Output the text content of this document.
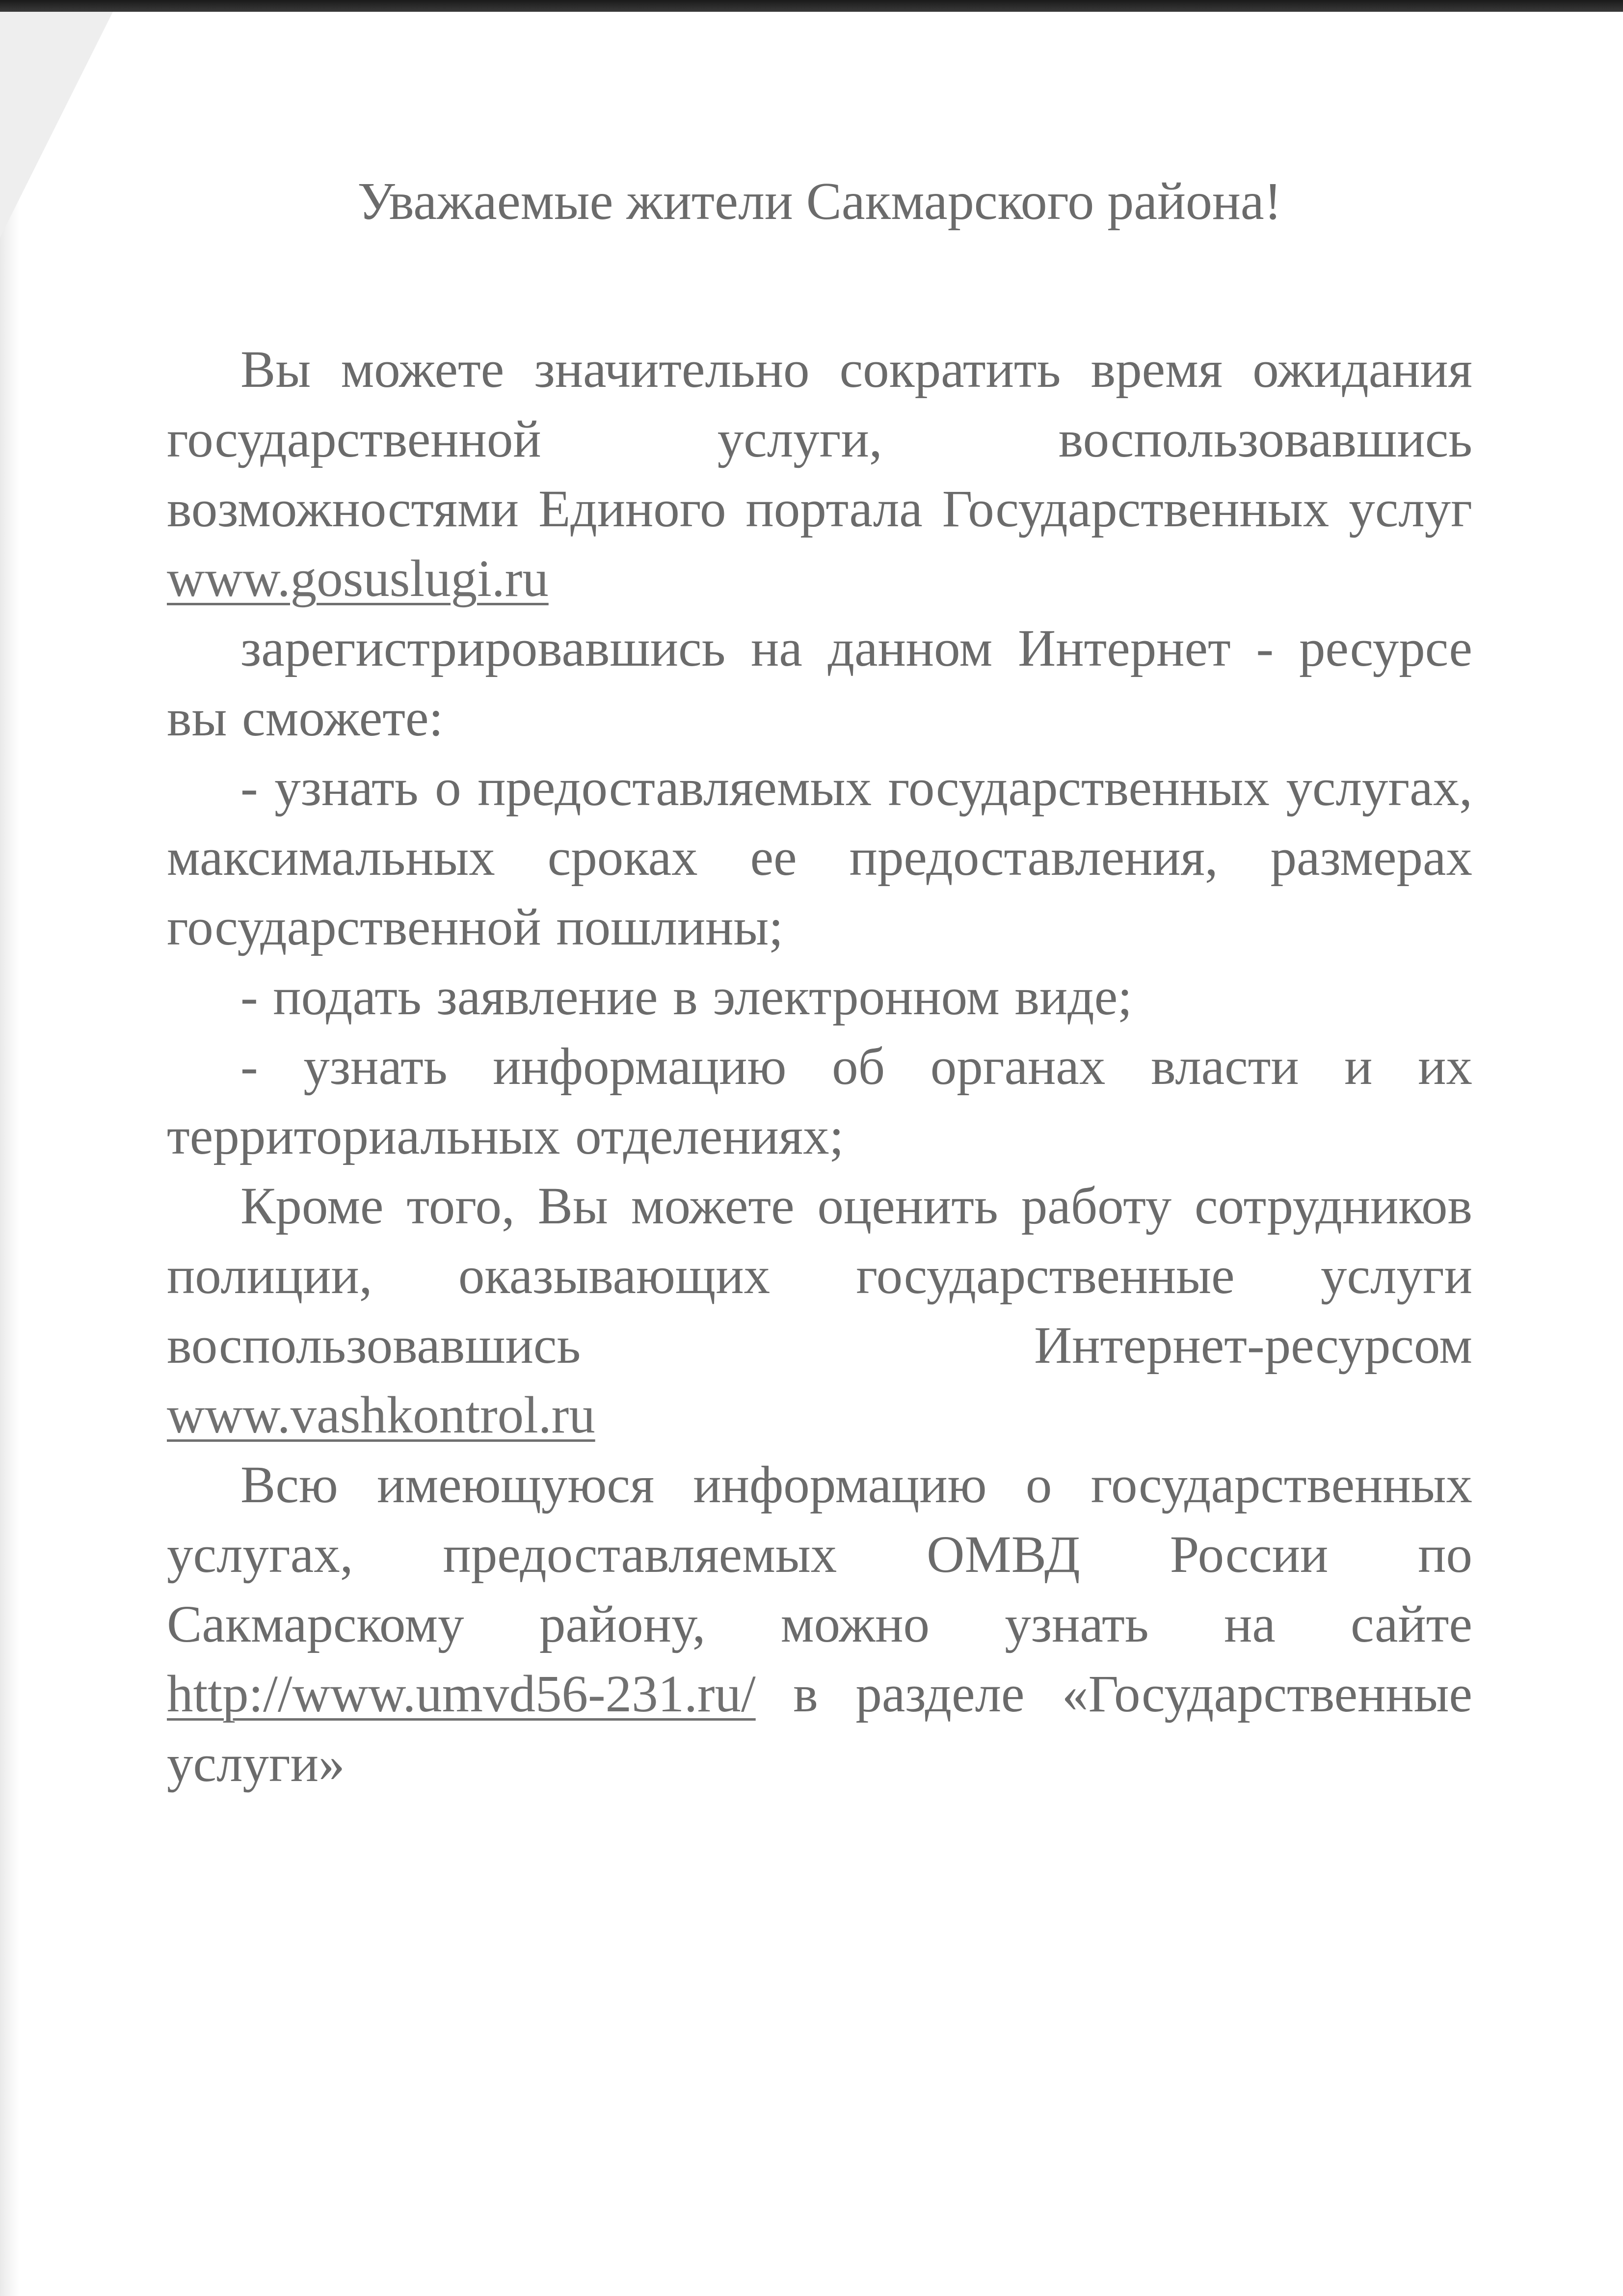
Уважаемые жители Сакмарского района!

Вы можете значительно сократить время ожидания государственной услуги, воспользовавшись возможностями Единого портала Государственных услуг www.gosuslugi.ru

зарегистрировавшись на данном Интернет - ресурсе вы сможете:

- узнать о предоставляемых государственных услугах, максимальных сроках ее предоставления, размерах государственной пошлины;

- подать заявление в электронном виде;

- узнать информацию об органах власти и их территориальных отделениях;

Кроме того, Вы можете оценить работу сотрудников полиции, оказывающих государственные услуги воспользовавшись Интернет-ресурсом www.vashkontrol.ru

Всю имеющуюся информацию о государственных услугах, предоставляемых ОМВД России по Сакмарскому району, можно узнать на сайте http://www.umvd56-231.ru/ в разделе «Государственные услуги»
